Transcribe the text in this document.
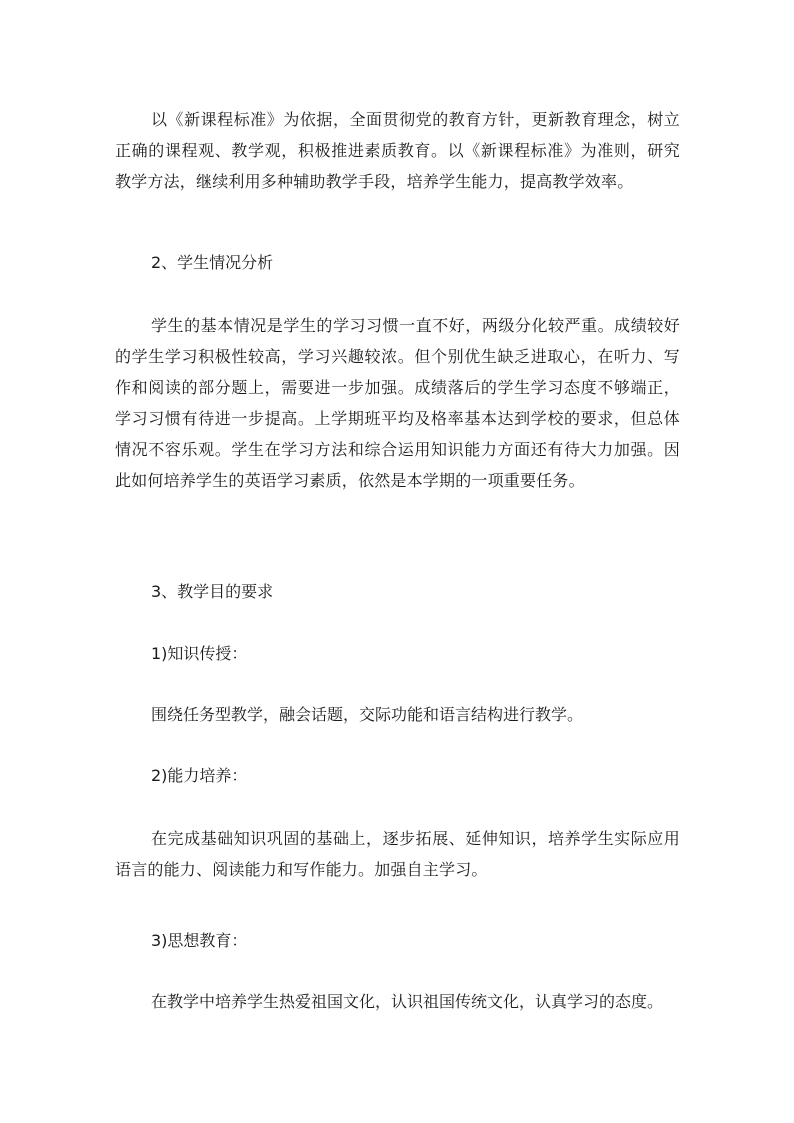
以《新课程标准》为依据，全面贯彻党的教育方针，更新教育理念，树立正确的课程观、教学观，积极推进素质教育。以《新课程标准》为准则，研究教学方法，继续利用多种辅助教学手段，培养学生能力，提高教学效率。

2、学生情况分析

学生的基本情况是学生的学习习惯一直不好，两级分化较严重。成绩较好的学生学习积极性较高，学习兴趣较浓。但个别优生缺乏进取心，在听力、写作和阅读的部分题上，需要进一步加强。成绩落后的学生学习态度不够端正，学习习惯有待进一步提高。上学期班平均及格率基本达到学校的要求，但总体情况不容乐观。学生在学习方法和综合运用知识能力方面还有待大力加强。因此如何培养学生的英语学习素质，依然是本学期的一项重要任务。

3、教学目的要求

1)知识传授：

围绕任务型教学，融会话题，交际功能和语言结构进行教学。

2)能力培养：

在完成基础知识巩固的基础上，逐步拓展、延伸知识，培养学生实际应用语言的能力、阅读能力和写作能力。加强自主学习。

3)思想教育：

在教学中培养学生热爱祖国文化，认识祖国传统文化，认真学习的态度。
